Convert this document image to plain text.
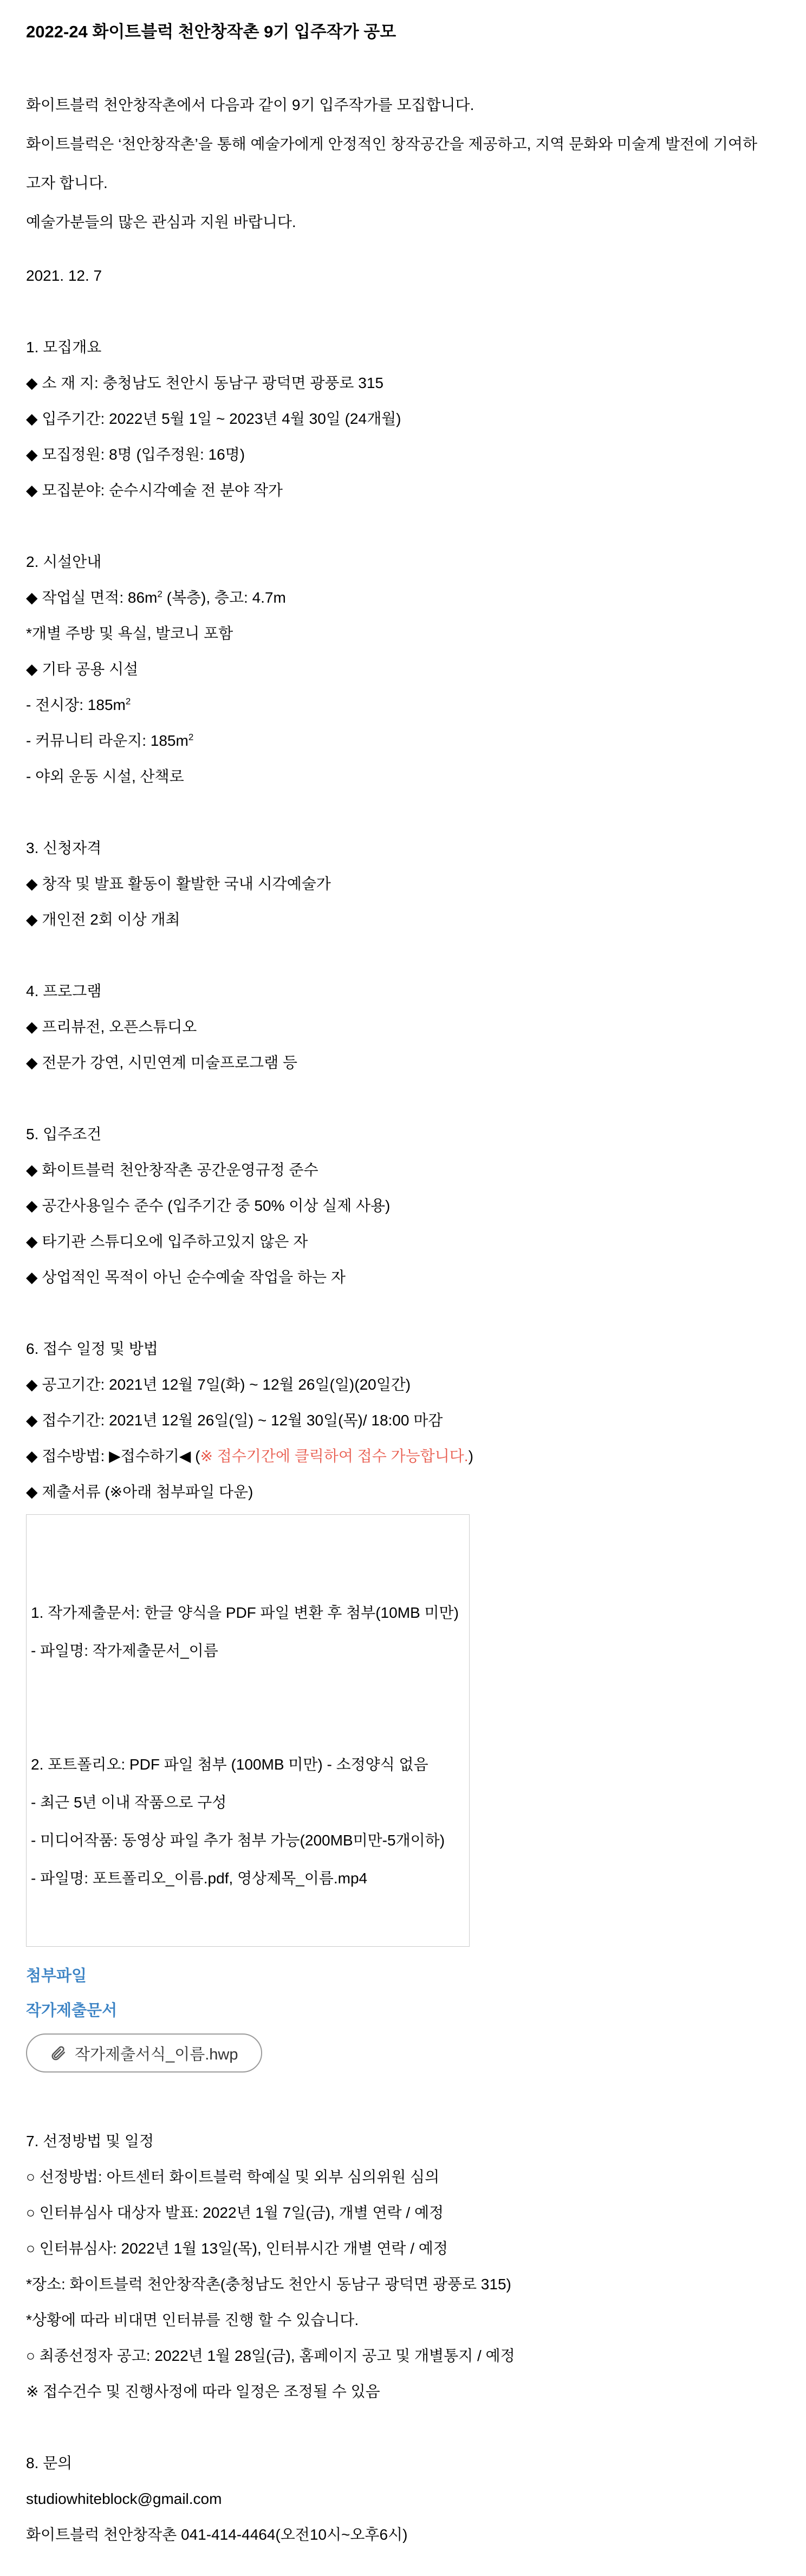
2022-24 화이트블럭 천안창작촌 9기 입주작가 공모
화이트블럭 천안창작촌에서 다음과 같이 9기 입주작가를 모집합니다.
화이트블럭은 ‘천안창작촌’을 통해 예술가에게 안정적인 창작공간을 제공하고, 지역 문화와 미술계 발전에 기여하
고자 합니다.
예술가분들의 많은 관심과 지원 바랍니다.
2021. 12. 7
1. 모집개요
◆ 소 재 지: 충청남도 천안시 동남구 광덕면 광풍로 315
◆ 입주기간: 2022년 5월 1일 ~ 2023년 4월 30일 (24개월)
◆ 모집정원: 8명 (입주정원: 16명)
◆ 모집분야: 순수시각예술 전 분야 작가
2. 시설안내
◆ 작업실 면적: $86m^2$ (복층), 층고: 4.7m
*개별 주방 및 욕실, 발코니 포함
◆ 기타 공용 시설
- 전시장: $185m^2$
- 커뮤니티 라운지: $185m^2$
- 야외 운동 시설, 산책로
3. 신청자격
◆ 창작 및 발표 활동이 활발한 국내 시각예술가
◆ 개인전 2회 이상 개최
4. 프로그램
◆ 프리뷰전, 오픈스튜디오
◆ 전문가 강연, 시민연계 미술프로그램 등
5. 입주조건
◆ 화이트블럭 천안창작촌 공간운영규정 준수
◆ 공간사용일수 준수 (입주기간 중 50% 이상 실제 사용)
◆ 타기관 스튜디오에 입주하고있지 않은 자
◆ 상업적인 목적이 아닌 순수예술 작업을 하는 자
6. 접수 일정 및 방법
◆ 공고기간: 2021년 12월 7일(화) ~ 12월 26일(일)(20일간)
◆ 접수기간: 2021년 12월 26일(일) ~ 12월 30일(목)/ 18:00 마감
◆ 접수방법: ▶접수하기◀ (※ 접수기간에 클릭하여 접수 가능합니다.)
◆ 제출서류 (※아래 첨부파일 다운)
1. 작가제출문서: 한글 양식을 PDF 파일 변환 후 첨부(10MB 미만)
- 파일명: 작가제출문서_이름
2. 포트폴리오: PDF 파일 첨부 (100MB 미만) - 소정양식 없음
- 최근 5년 이내 작품으로 구성
- 미디어작품: 동영상 파일 추가 첨부 가능(200MB미만-5개이하)
- 파일명: 포트폴리오_이름.pdf, 영상제목_이름.mp4
첨부파일
작가제출문서
작가제출서식_이름.hwp
7. 선정방법 및 일정
○ 선정방법: 아트센터 화이트블럭 학예실 및 외부 심의위원 심의
○ 인터뷰심사 대상자 발표: 2022년 1월 7일(금), 개별 연락 / 예정
○ 인터뷰심사: 2022년 1월 13일(목), 인터뷰시간 개별 연락 / 예정
*장소: 화이트블럭 천안창작촌(충청남도 천안시 동남구 광덕면 광풍로 315)
*상황에 따라 비대면 인터뷰를 진행 할 수 있습니다.
○ 최종선정자 공고: 2022년 1월 28일(금), 홈페이지 공고 및 개별통지 / 예정
※ 접수건수 및 진행사정에 따라 일정은 조정될 수 있음
8. 문의
studiowhiteblock@gmail.com
화이트블럭 천안창작촌 041-414-4464(오전10시~오후6시)
